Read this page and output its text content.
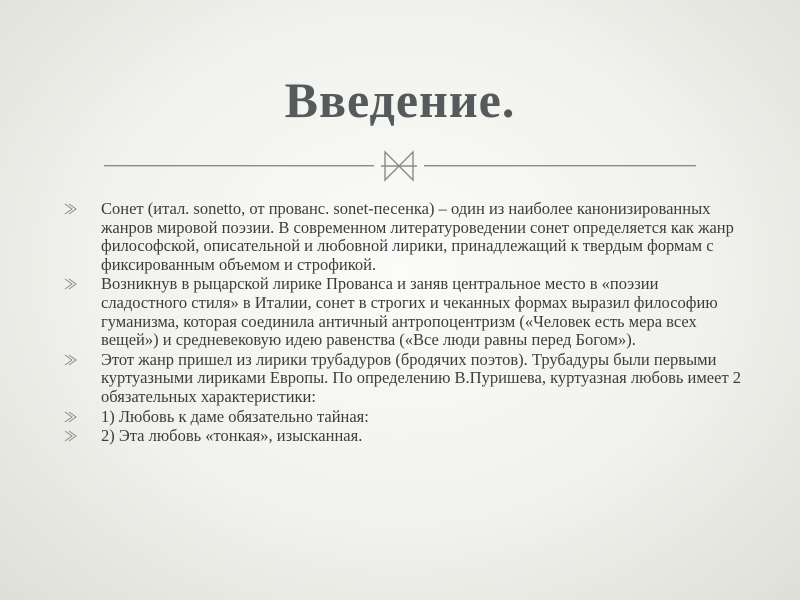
Введение.
Сонет (итал. sonetto, от прованс. sonet-песенка) – один из наиболее канонизированных жанров мировой поэзии. В современном литературоведении сонет определяется как жанр философской, описательной и любовной лирики, принадлежащий к твердым формам с фиксированным объемом и строфикой.
Возникнув в рыцарской лирике Прованса и заняв центральное место в «поэзии сладостного стиля» в Италии, сонет в строгих и чеканных формах выразил философию гуманизма, которая соединила античный антропоцентризм («Человек есть мера всех вещей») и средневековую идею равенства («Все люди равны перед Богом»).
Этот жанр пришел из лирики трубадуров (бродячих поэтов). Трубадуры были первыми куртуазными лириками Европы. По определению В.Пуришева, куртуазная любовь имеет 2 обязательных характеристики:
1) Любовь к даме обязательно тайная:
2) Эта любовь «тонкая», изысканная.
